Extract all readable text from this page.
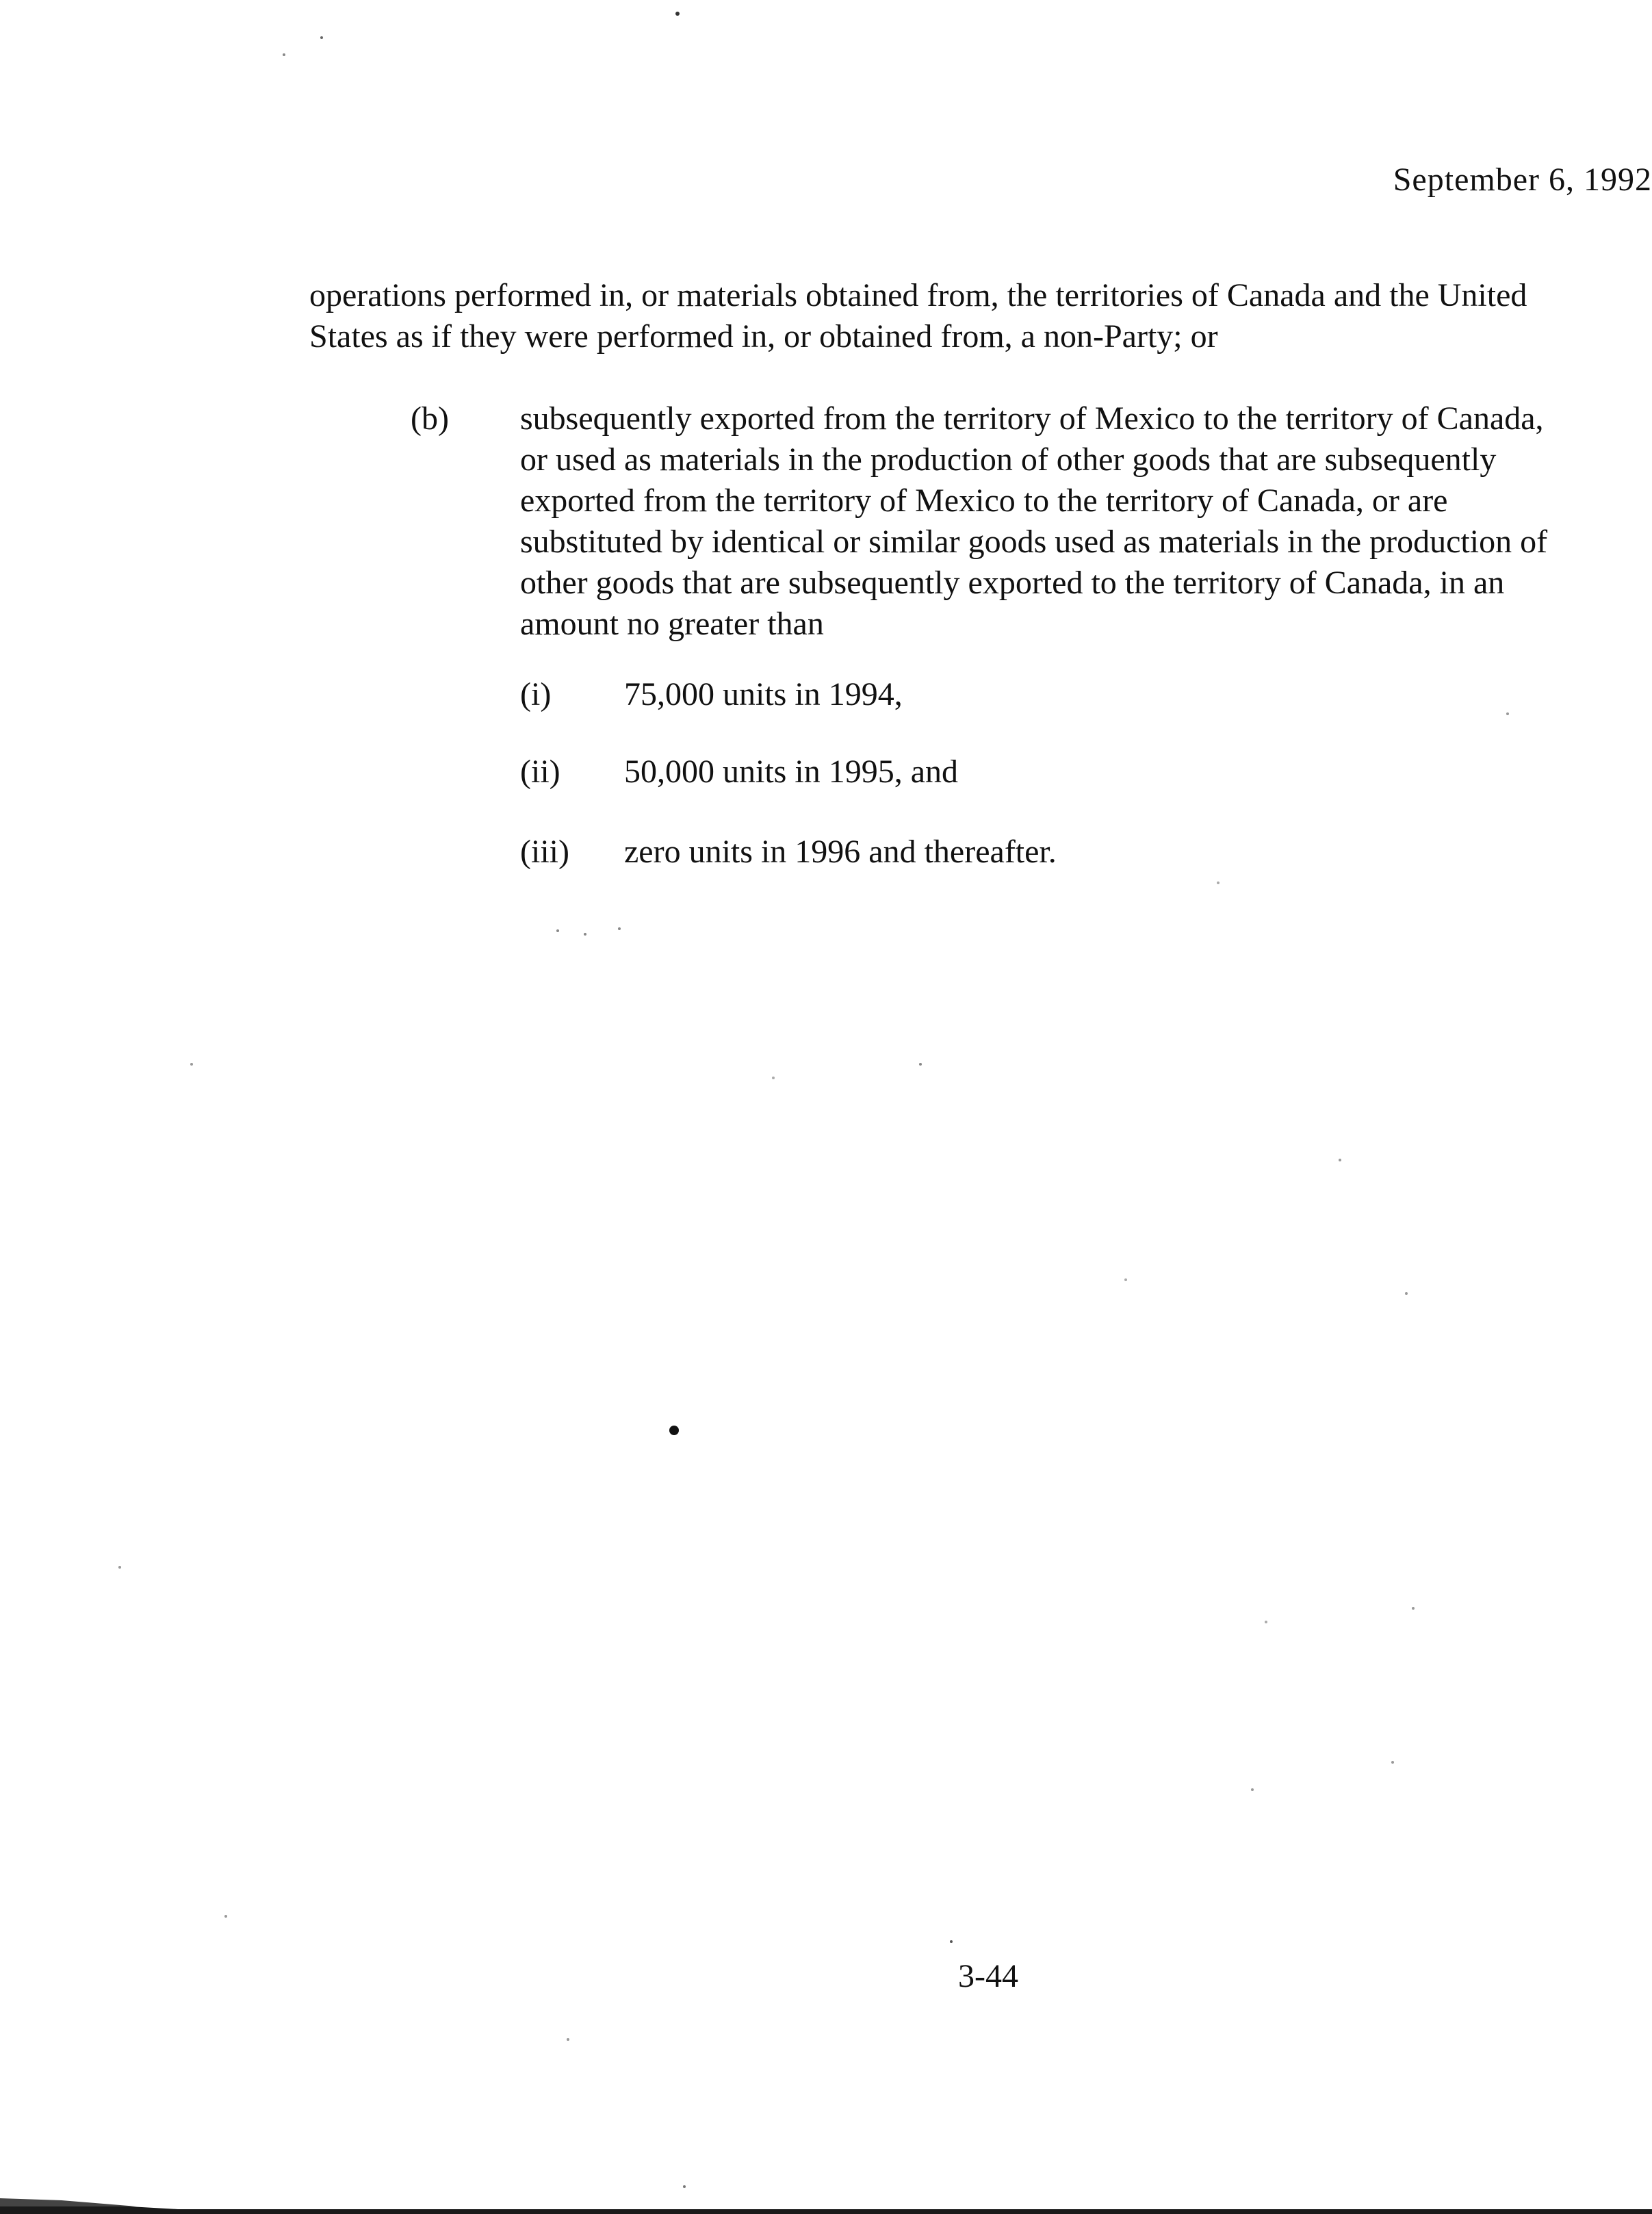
September 6, 1992
operations performed in, or materials obtained from, the territories of Canada and the United
States as if they were performed in, or obtained from, a non-Party; or
(b) subsequently exported from the territory of Mexico to the territory of Canada,
or used as materials in the production of other goods that are subsequently
exported from the territory of Mexico to the territory of Canada, or are
substituted by identical or similar goods used as materials in the production of
other goods that are subsequently exported to the territory of Canada, in an
amount no greater than
(i) 75,000 units in 1994,
(ii) 50,000 units in 1995, and
(iii) zero units in 1996 and thereafter.
3-44
